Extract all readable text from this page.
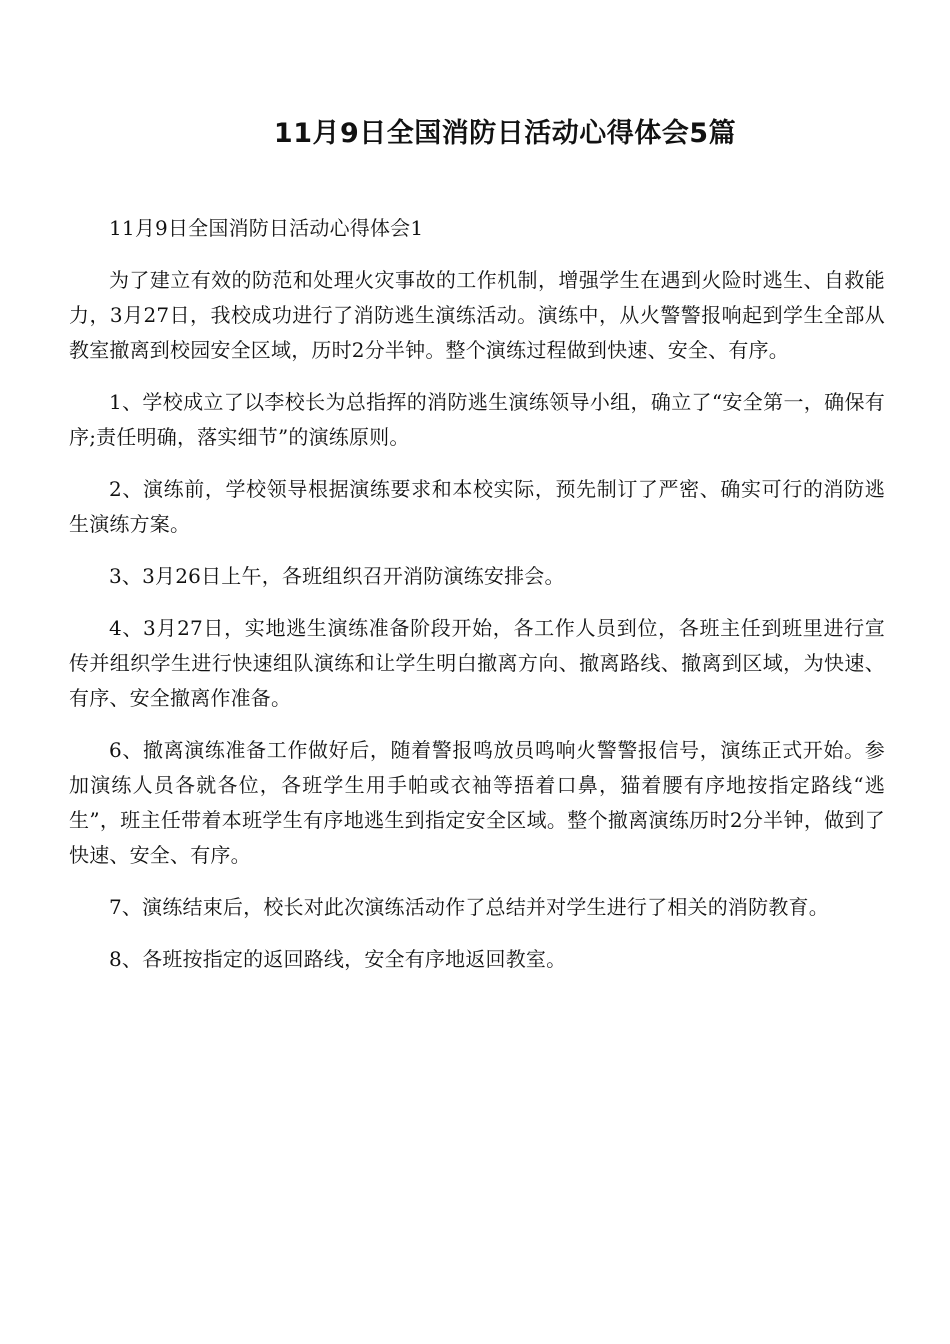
11月9日全国消防日活动心得体会5篇

11月9日全国消防日活动心得体会1

为了建立有效的防范和处理火灾事故的工作机制，增强学生在遇到火险时逃生、自救能力，3月27日，我校成功进行了消防逃生演练活动。演练中，从火警警报响起到学生全部从教室撤离到校园安全区域，历时2分半钟。整个演练过程做到快速、安全、有序。

1、学校成立了以李校长为总指挥的消防逃生演练领导小组，确立了“安全第一，确保有序;责任明确，落实细节”的演练原则。

2、演练前，学校领导根据演练要求和本校实际，预先制订了严密、确实可行的消防逃生演练方案。

3、3月26日上午，各班组织召开消防演练安排会。

4、3月27日，实地逃生演练准备阶段开始，各工作人员到位，各班主任到班里进行宣传并组织学生进行快速组队演练和让学生明白撤离方向、撤离路线、撤离到区域，为快速、有序、安全撤离作准备。

6、撤离演练准备工作做好后，随着警报鸣放员鸣响火警警报信号，演练正式开始。参加演练人员各就各位，各班学生用手帕或衣袖等捂着口鼻，猫着腰有序地按指定路线“逃生”，班主任带着本班学生有序地逃生到指定安全区域。整个撤离演练历时2分半钟，做到了快速、安全、有序。

7、演练结束后，校长对此次演练活动作了总结并对学生进行了相关的消防教育。

8、各班按指定的返回路线，安全有序地返回教室。
